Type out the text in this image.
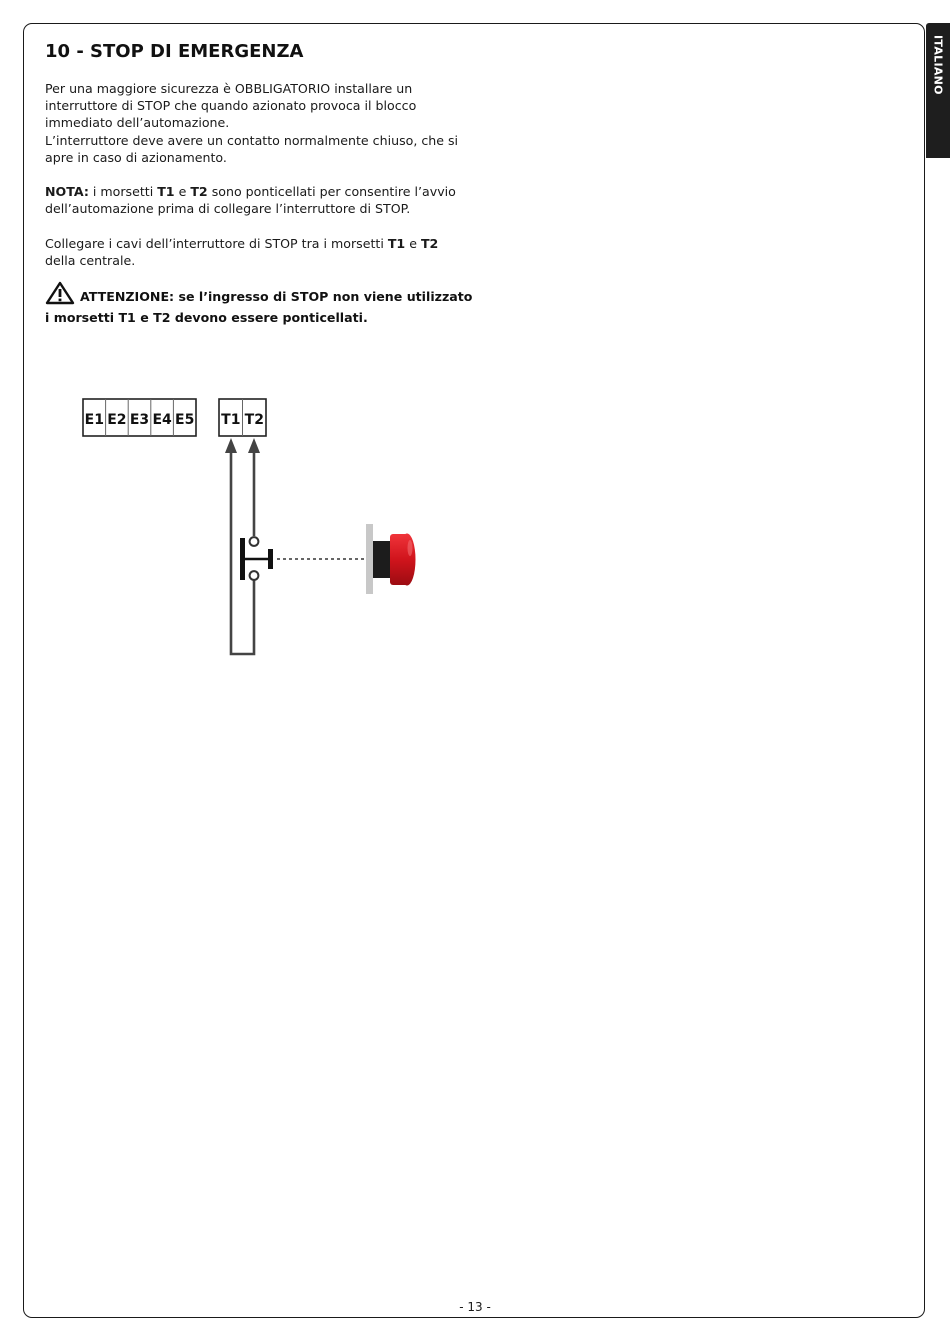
ITALIANO
10 - STOP DI EMERGENZA

Per una maggiore sicurezza è OBBLIGATORIO installare un interruttore di STOP che quando azionato provoca il blocco immediato dell’automazione.
L’interruttore deve avere un contatto normalmente chiuso, che si apre in caso di azionamento.

NOTA: i morsetti T1 e T2 sono ponticellati per consentire l’avvio dell’automazione prima di collegare l’interruttore di STOP.

Collegare i cavi dell’interruttore di STOP tra i morsetti T1 e T2 della centrale.

ATTENZIONE: se l’ingresso di STOP non viene utilizzato i morsetti T1 e T2 devono essere ponticellati.
E1 E2 E3 E4 E5 T1 T2
- 13 -
